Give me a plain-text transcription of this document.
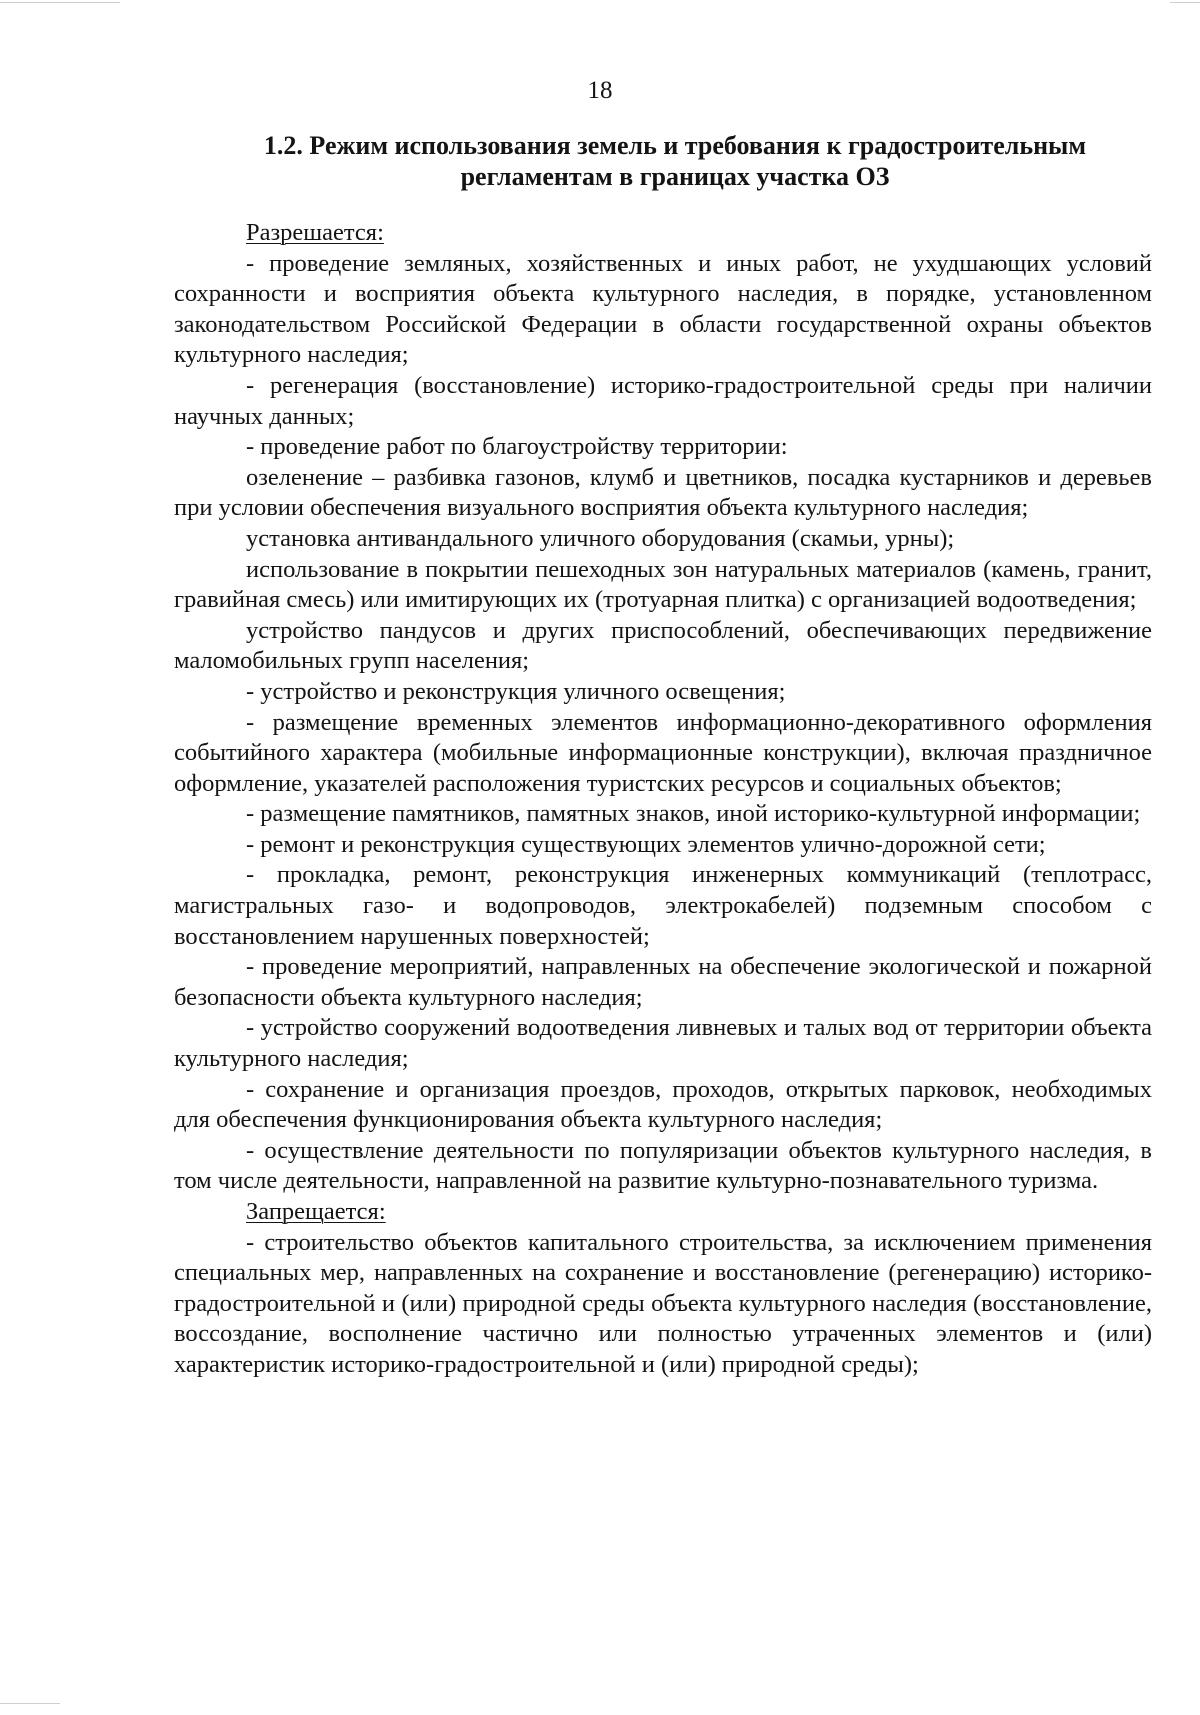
18
1.2. Режим использования земель и требования к градостроительным
регламентам в границах участка ОЗ

Разрешается:

- проведение земляных, хозяйственных и иных работ, не ухудшающих условий сохранности и восприятия объекта культурного наследия, в порядке, установленном законодательством Российской Федерации в области государственной охраны объектов культурного наследия;

- регенерация (восстановление) историко-градостроительной среды при наличии научных данных;

- проведение работ по благоустройству территории:

озеленение – разбивка газонов, клумб и цветников, посадка кустарников и деревьев при условии обеспечения визуального восприятия объекта культурного наследия;

установка антивандального уличного оборудования (скамьи, урны);

использование в покрытии пешеходных зон натуральных материалов (камень, гранит, гравийная смесь) или имитирующих их (тротуарная плитка) с организацией водоотведения;

устройство пандусов и других приспособлений, обеспечивающих передвижение маломобильных групп населения;

- устройство и реконструкция уличного освещения;

- размещение временных элементов информационно-декоративного оформления событийного характера (мобильные информационные конструкции), включая праздничное оформление, указателей расположения туристских ресурсов и социальных объектов;

- размещение памятников, памятных знаков, иной историко-культурной информации;

- ремонт и реконструкция существующих элементов улично-дорожной сети;

- прокладка, ремонт, реконструкция инженерных коммуникаций (теплотрасс, магистральных газо- и водопроводов, электрокабелей) подземным способом с восстановлением нарушенных поверхностей;

- проведение мероприятий, направленных на обеспечение экологической и пожарной безопасности объекта культурного наследия;

- устройство сооружений водоотведения ливневых и талых вод от территории объекта культурного наследия;

- сохранение и организация проездов, проходов, открытых парковок, необходимых для обеспечения функционирования объекта культурного наследия;

- осуществление деятельности по популяризации объектов культурного наследия, в том числе деятельности, направленной на развитие культурно-познавательного туризма.

Запрещается:

- строительство объектов капитального строительства, за исключением применения специальных мер, направленных на сохранение и восстановление (регенерацию) историко-градостроительной и (или) природной среды объекта культурного наследия (восстановление, воссоздание, восполнение частично или полностью утраченных элементов и (или) характеристик историко-градостроительной и (или) природной среды);
